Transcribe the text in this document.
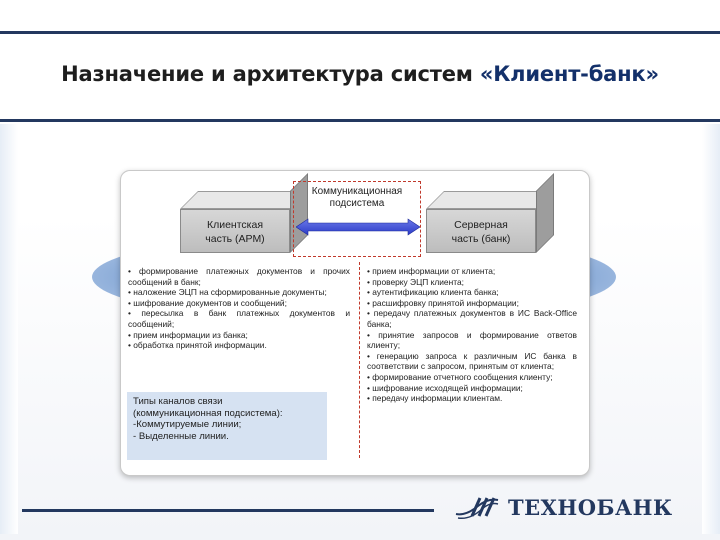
Назначение и архитектура систем «Клиент-банк»
Клиентская
часть (АРМ)
Серверная
часть (банк)
Коммуникационная
подсистема

• формирование платежных документов и прочих сообщений в банк;

• наложение ЭЦП на сформированные документы;

• шифрование документов и сообщений;

• пересылка в банк платежных документов и сообщений;

• прием информации из банка;

• обработка принятой информации.

• прием информации от клиента;

• проверку ЭЦП клиента;

• аутентификацию клиента банка;

• расшифровку принятой информации;

• передачу платежных документов в ИС Back-Office банка;

• принятие запросов и формирование ответов клиенту;

• генерацию запроса к различным ИС банка в соответствии с запросом, принятым от клиента;

• формирование отчетного сообщения клиенту;

• шифрование исходящей информации;

• передачу информации клиентам.

Типы каналов связи
(коммуникационная подсистема):
-Коммутируемые линии;
- Выделенные линии.
ТЕХНОБАНК
